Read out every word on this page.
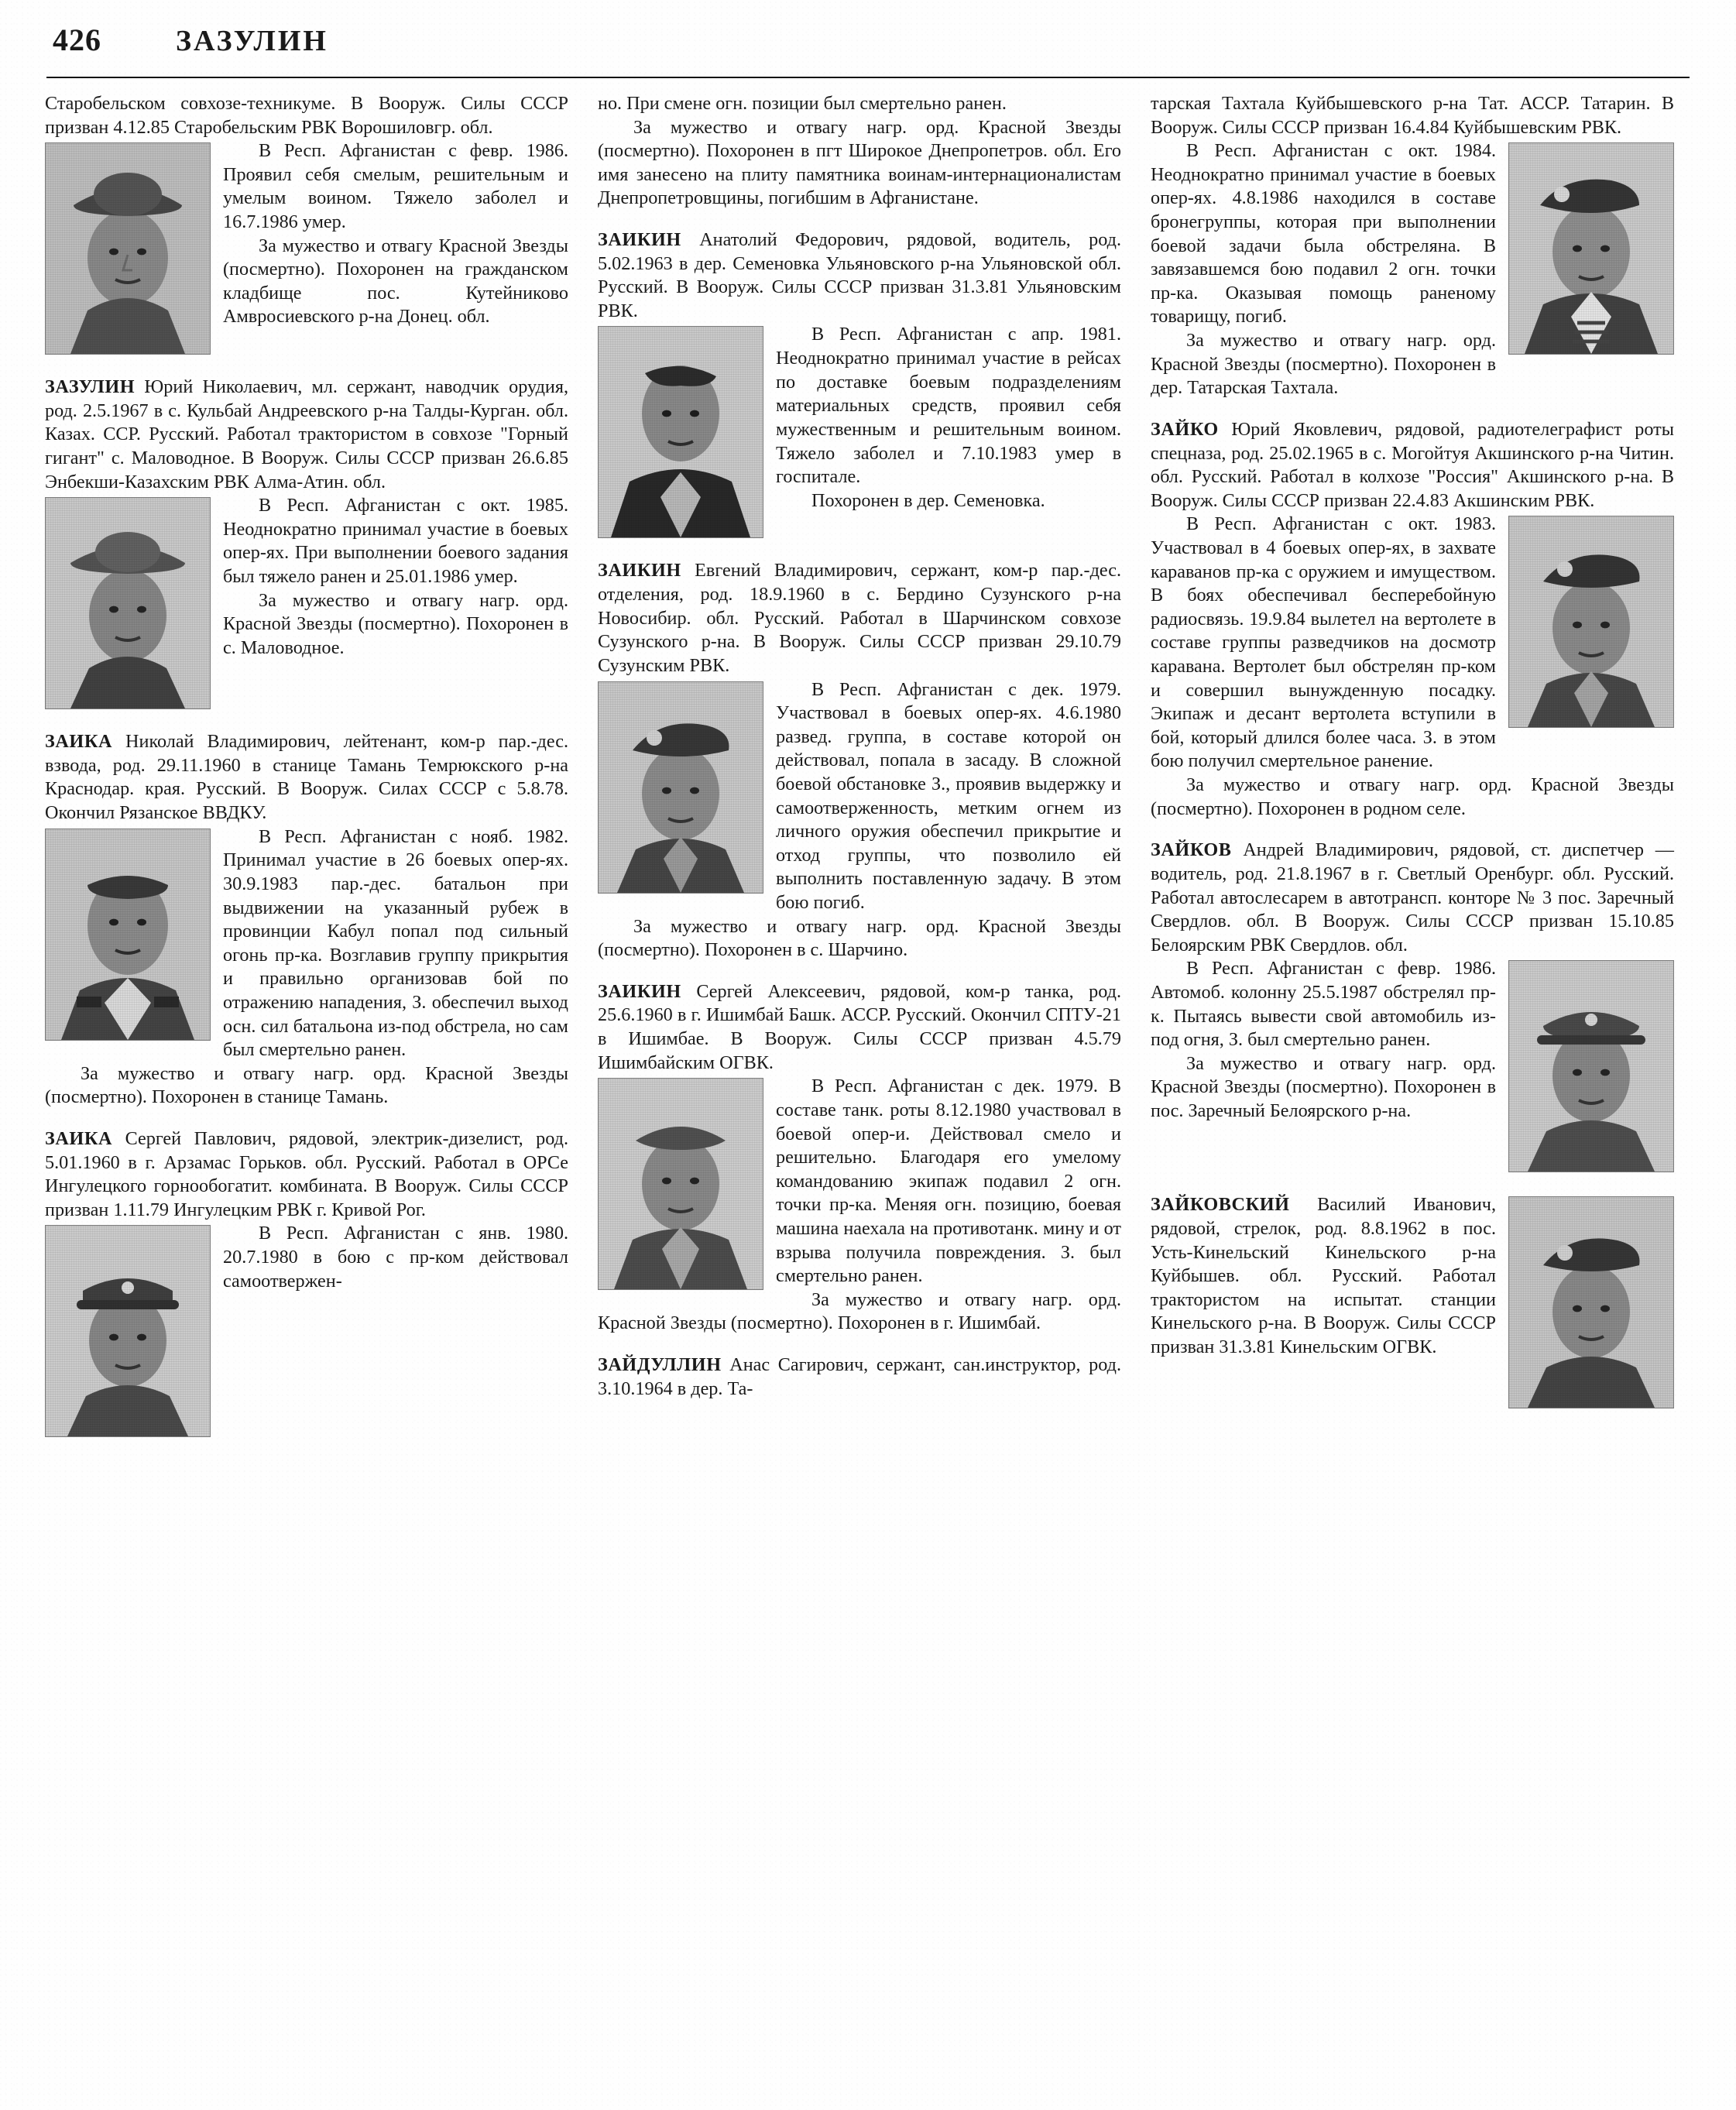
426	ЗАЗУЛИН

Старобельском совхозе-техникуме. В Вооруж. Силы СССР призван 4.12.85 Старобельским РВК Ворошиловгр. обл.

В Респ. Афганистан с февр. 1986. Проявил себя смелым, решительным и умелым воином. Тяжело заболел и 16.7.1986 умер.

За мужество и отвагу Красной Звезды (посмертно). Похоронен на гражданском кладбище пос. Кутейниково Амвросиевского р-на Донец. обл.

ЗАЗУЛИН Юрий Николаевич, мл. сержант, наводчик орудия, род. 2.5.1967 в с. Кульбай Андреевского р-на Талды-Курган. обл. Казах. ССР. Русский. Работал трактористом в совхозе "Горный гигант" с. Маловодное. В Вооруж. Силы СССР призван 26.6.85 Энбекши-Казахским РВК Алма-Атин. обл.

В Респ. Афганистан с окт. 1985. Неоднократно принимал участие в боевых опер-ях. При выполнении боевого задания был тяжело ранен и 25.01.1986 умер.

За мужество и отвагу нагр. орд. Красной Звезды (посмертно). Похоронен в с. Маловодное.

ЗАИКА Николай Владимирович, лейтенант, ком-р пар.-дес. взвода, род. 29.11.1960 в станице Тамань Темрюкского р-на Краснодар. края. Русский. В Вооруж. Силах СССР с 5.8.78. Окончил Рязанское ВВДКУ.

В Респ. Афганистан с нояб. 1982. Принимал участие в 26 боевых опер-ях. 30.9.1983 пар.-дес. батальон при выдвижении на указанный рубеж в провинции Кабул попал под сильный огонь пр-ка. Возглавив группу прикрытия и правильно организовав бой по отражению нападения, З. обеспечил выход осн. сил батальона из-под обстрела, но сам был смертельно ранен.

За мужество и отвагу нагр. орд. Красной Звезды (посмертно). Похоронен в станице Тамань.

ЗАИКА Сергей Павлович, рядовой, электрик-дизелист, род. 5.01.1960 в г. Арзамас Горьков. обл. Русский. Работал в ОРСе Ингулецкого горнообогатит. комбината. В Вооруж. Силы СССР призван 1.11.79 Ингулецким РВК г. Кривой Рог.

В Респ. Афганистан с янв. 1980. 20.7.1980 в бою с пр-ком действовал самоотвержен-

но. При смене огн. позиции был смертельно ранен.

За мужество и отвагу нагр. орд. Красной Звезды (посмертно). Похоронен в пгт Широкое Днепропетров. обл. Его имя занесено на плиту памятника воинам-интернационалистам Днепропетровщины, погибшим в Афганистане.

ЗАИКИН Анатолий Федорович, рядовой, водитель, род. 5.02.1963 в дер. Семеновка Ульяновского р-на Ульяновской обл. Русский. В Вооруж. Силы СССР призван 31.3.81 Ульяновским РВК.

В Респ. Афганистан с апр. 1981. Неоднократно принимал участие в рейсах по доставке боевым подразделениям материальных средств, проявил себя мужественным и решительным воином. Тяжело заболел и 7.10.1983 умер в госпитале.

Похоронен в дер. Семеновка.

ЗАИКИН Евгений Владимирович, сержант, ком-р пар.-дес. отделения, род. 18.9.1960 в с. Бердино Сузунского р-на Новосибир. обл. Русский. Работал в Шарчинском совхозе Сузунского р-на. В Вооруж. Силы СССР призван 29.10.79 Сузунским РВК.

В Респ. Афганистан с дек. 1979. Участвовал в боевых опер-ях. 4.6.1980 развед. группа, в составе которой он действовал, попала в засаду. В сложной боевой обстановке З., проявив выдержку и самоотверженность, метким огнем из личного оружия обеспечил прикрытие и отход группы, что позволило ей выполнить поставленную задачу. В этом бою погиб.

За мужество и отвагу нагр. орд. Красной Звезды (посмертно). Похоронен в с. Шарчино.

ЗАИКИН Сергей Алексеевич, рядовой, ком-р танка, род. 25.6.1960 в г. Ишимбай Башк. АССР. Русский. Окончил СПТУ-21 в Ишимбае. В Вооруж. Силы СССР призван 4.5.79 Ишимбайским ОГВК.

В Респ. Афганистан с дек. 1979. В составе танк. роты 8.12.1980 участвовал в боевой опер-и. Действовал смело и решительно. Благодаря его умелому командованию экипаж подавил 2 огн. точки пр-ка. Меняя огн. позицию, боевая машина наехала на противотанк. мину и от взрыва получила повреждения. З. был смертельно ранен.

За мужество и отвагу нагр. орд. Красной Звезды (посмертно). Похоронен в г. Ишимбай.

ЗАЙДУЛЛИН Анас Сагирович, сержант, сан.инструктор, род. 3.10.1964 в дер. Та-

тарская Тахтала Куйбышевского р-на Тат. АССР. Татарин. В Вооруж. Силы СССР призван 16.4.84 Куйбышевским РВК.

В Респ. Афганистан с окт. 1984. Неоднократно принимал участие в боевых опер-ях. 4.8.1986 находился в составе бронегруппы, которая при выполнении боевой задачи была обстреляна. В завязавшемся бою подавил 2 огн. точки пр-ка. Оказывая помощь раненому товарищу, погиб.

За мужество и отвагу нагр. орд. Красной Звезды (посмертно). Похоронен в дер. Татарская Тахтала.

ЗАЙКО Юрий Яковлевич, рядовой, радиотелеграфист роты спецназа, род. 25.02.1965 в с. Могойтуя Акшинского р-на Читин. обл. Русский. Работал в колхозе "Россия" Акшинского р-на. В Вооруж. Силы СССР призван 22.4.83 Акшинским РВК.

В Респ. Афганистан с окт. 1983. Участвовал в 4 боевых опер-ях, в захвате караванов пр-ка с оружием и имуществом. В боях обеспечивал бесперебойную радиосвязь. 19.9.84 вылетел на вертолете в составе группы разведчиков на досмотр каравана. Вертолет был обстрелян пр-ком и совершил вынужденную посадку. Экипаж и десант вертолета вступили в бой, который длился более часа. З. в этом бою получил смертельное ранение.

За мужество и отвагу нагр. орд. Красной Звезды (посмертно). Похоронен в родном селе.

ЗАЙКОВ Андрей Владимирович, рядовой, ст. диспетчер — водитель, род. 21.8.1967 в г. Светлый Оренбург. обл. Русский. Работал автослесарем в автотрансп. конторе № 3 пос. Заречный Свердлов. обл. В Вооруж. Силы СССР призван 15.10.85 Белоярским РВК Свердлов. обл.

В Респ. Афганистан с февр. 1986. Автомоб. колонну 25.5.1987 обстрелял пр-к. Пытаясь вывести свой автомобиль из-под огня, З. был смертельно ранен.

За мужество и отвагу нагр. орд. Красной Звезды (посмертно). Похоронен в пос. Заречный Белоярского р-на.

ЗАЙКОВСКИЙ Василий Иванович, рядовой, стрелок, род. 8.8.1962 в пос. Усть-Кинельский Кинельского р-на Куйбышев. обл. Русский. Работал трактористом на испытат. станции Кинельского р-на. В Вооруж. Силы СССР призван 31.3.81 Кинельским ОГВК.
